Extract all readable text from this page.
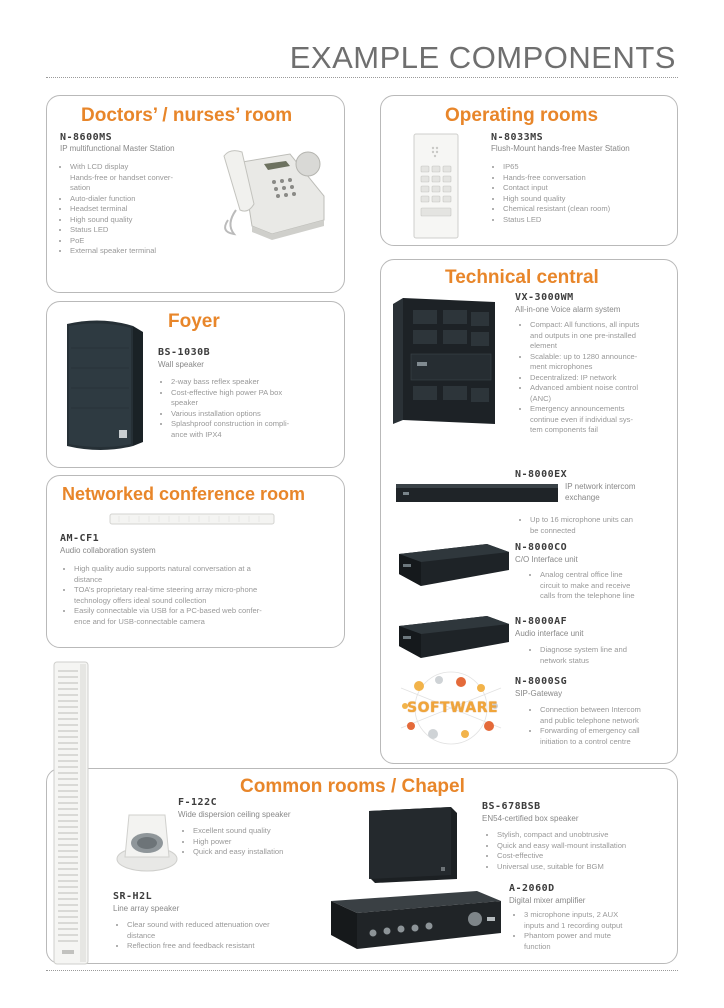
EXAMPLE COMPONENTS
Doctors’ / nurses’ room
N-8600MS
IP multifunctional Master Station
• With LCD display
Hands-free or handset conver-
sation
• Auto-dialer function
• Headset terminal
• High sound quality
• Status LED
• PoE
• External speaker terminal
Operating rooms
N-8033MS
Flush-Mount hands-free Master Station
• IP65
• Hands-free conversation
• Contact input
• High sound quality
• Chemical resistant (clean room)
• Status LED
Foyer
BS-1030B
Wall speaker
• 2-way bass reflex speaker
• Cost-effective high power PA box
speaker
• Various installation options
• Splashproof construction in compli-
ance with IPX4
Networked conference room
AM-CF1
Audio collaboration system
• High quality audio supports natural conversation at a
distance
• TOA’s proprietary real-time steering array micro-phone
technology offers ideal sound collection
• Easily connectable via USB for a PC-based web confer-
ence and for USB-connectable camera
Technical central
VX-3000WM
All-in-one Voice alarm system
• Compact: All functions, all inputs
and outputs in one pre-installed
element
• Scalable: up to 1280 announce-
ment microphones
• Decentralized: IP network
• Advanced ambient noise control
(ANC)
• Emergency announcements
continue even if individual sys-
tem components fail
N-8000EX
IP network intercom
exchange
• Up to 16 microphone units can
be connected
N-8000CO
C/O Interface unit
• Analog central office line
circuit to make and receive
calls from the telephone line
N-8000AF
Audio interface unit
• Diagnose system line and
network status
SOFTWARE
N-8000SG
SIP-Gateway
• Connection between Intercom
and public telephone network
• Forwarding of emergency call
initiation to a control centre
Common rooms / Chapel
F-122C
Wide dispersion ceiling speaker
• Excellent sound quality
• High power
• Quick and easy installation
SR-H2L
Line array speaker
• Clear sound with reduced attenuation over
distance
• Reflection free and feedback resistant
BS-678BSB
EN54-certified box speaker
• Stylish, compact and unobtrusive
• Quick and easy wall-mount installation
• Cost-effective
• Universal use, suitable for BGM
A-2060D
Digital mixer amplifier
• 3 microphone inputs, 2 AUX
inputs and 1 recording output
• Phantom power and mute
function
